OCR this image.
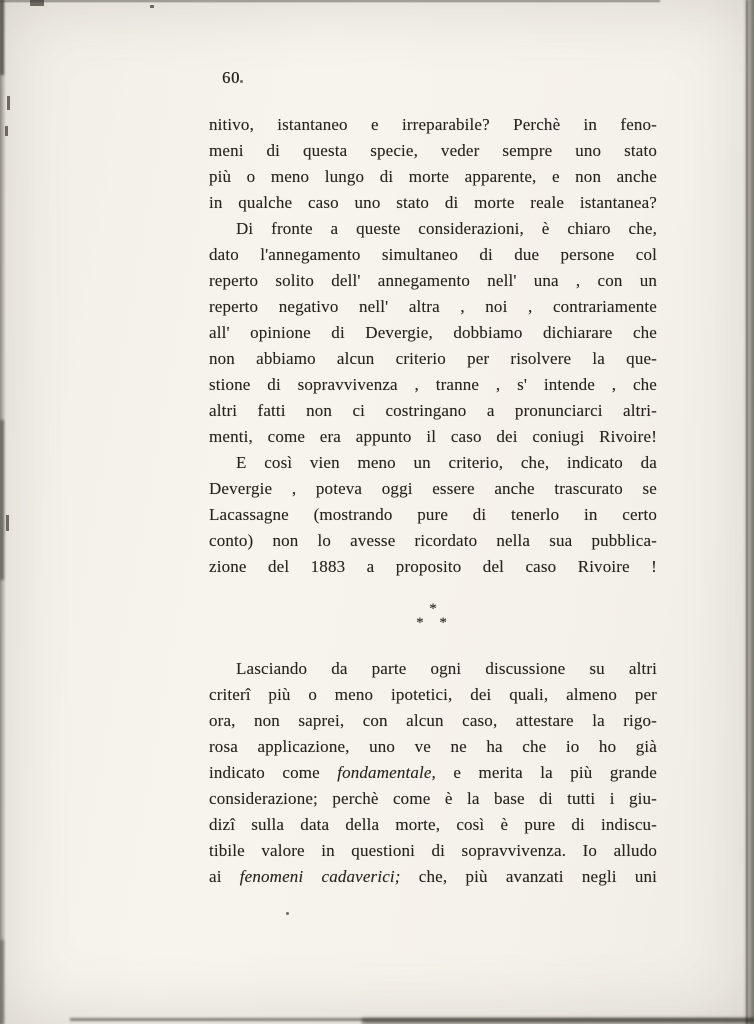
60
nitivo, istantaneo e irreparabile? Perchè in feno-
meni di questa specie, veder sempre uno stato
più o meno lungo di morte apparente, e non anche
in qualche caso uno stato di morte reale istantanea?
Di fronte a queste considerazioni, è chiaro che,
dato l'annegamento simultaneo di due persone col
reperto solito dell' annegamento nell' una , con un
reperto negativo nell' altra , noi , contrariamente
all' opinione di Devergie, dobbiamo dichiarare che
non abbiamo alcun criterio per risolvere la que-
stione di sopravvivenza , tranne , s' intende , che
altri fatti non ci costringano a pronunciarci altri-
menti, come era appunto il caso dei coniugi Rivoire!
E così vien meno un criterio, che, indicato da
Devergie , poteva oggi essere anche trascurato se
Lacassagne (mostrando pure di tenerlo in certo
conto) non lo avesse ricordato nella sua pubblica-
zione del 1883 a proposito del caso Rivoire !
*
* *
Lasciando da parte ogni discussione su altri
criterî più o meno ipotetici, dei quali, almeno per
ora, non saprei, con alcun caso, attestare la rigo-
rosa applicazione, uno ve ne ha che io ho già
indicato come fondamentale, e merita la più grande
considerazione; perchè come è la base di tutti i giu-
dizî sulla data della morte, così è pure di indiscu-
tibile valore in questioni di sopravvivenza. Io alludo
ai fenomeni cadaverici; che, più avanzati negli uni
